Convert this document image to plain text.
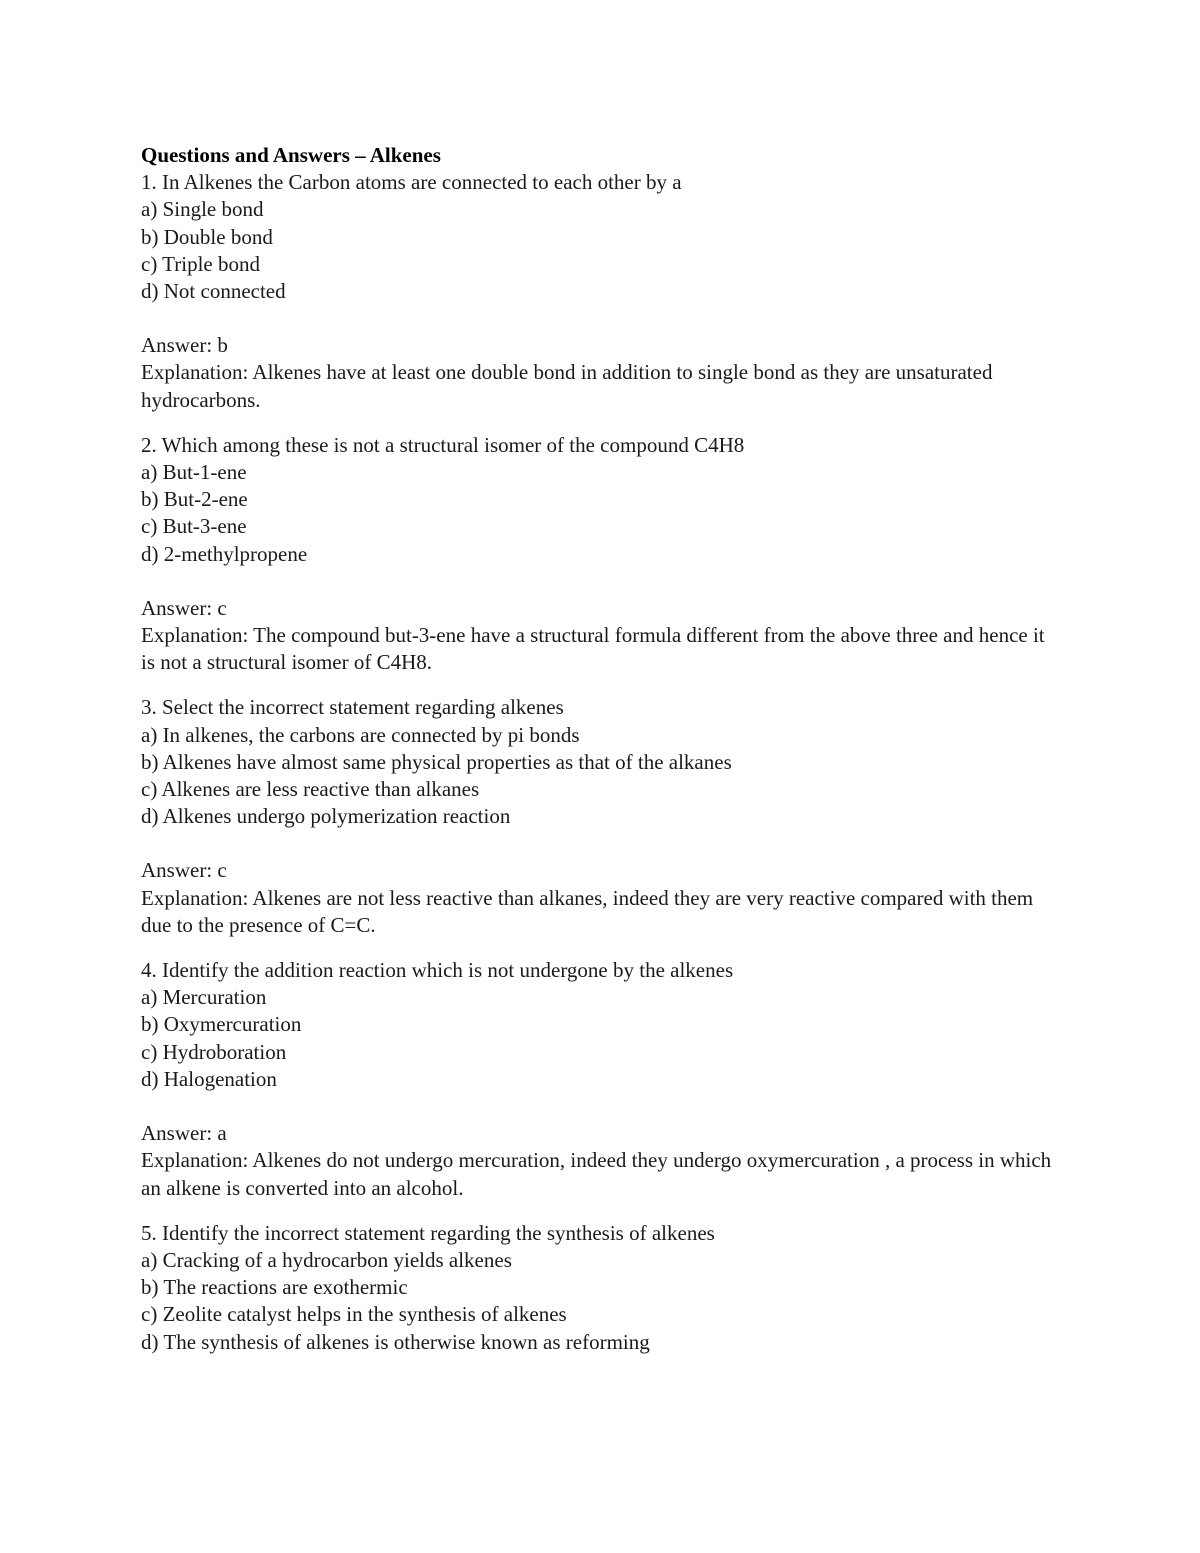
Questions and Answers – Alkenes

1. In Alkenes the Carbon atoms are connected to each other by a

a) Single bond

b) Double bond

c) Triple bond

d) Not connected

Answer: b

Explanation: Alkenes have at least one double bond in addition to single bond as they are unsaturated hydrocarbons.

2. Which among these is not a structural isomer of the compound C4H8

a) But-1-ene

b) But-2-ene

c) But-3-ene

d) 2-methylpropene

Answer: c

Explanation: The compound but-3-ene have a structural formula different from the above three and hence it is not a structural isomer of C4H8.

3. Select the incorrect statement regarding alkenes

a) In alkenes, the carbons are connected by pi bonds

b) Alkenes have almost same physical properties as that of the alkanes

c) Alkenes are less reactive than alkanes

d) Alkenes undergo polymerization reaction

Answer: c

Explanation: Alkenes are not less reactive than alkanes, indeed they are very reactive compared with them due to the presence of C=C.

4. Identify the addition reaction which is not undergone by the alkenes

a) Mercuration

b) Oxymercuration

c) Hydroboration

d) Halogenation

Answer: a

Explanation: Alkenes do not undergo mercuration, indeed they undergo oxymercuration , a process in which an alkene is converted into an alcohol.

5. Identify the incorrect statement regarding the synthesis of alkenes

a) Cracking of a hydrocarbon yields alkenes

b) The reactions are exothermic

c) Zeolite catalyst helps in the synthesis of alkenes

d) The synthesis of alkenes is otherwise known as reforming
